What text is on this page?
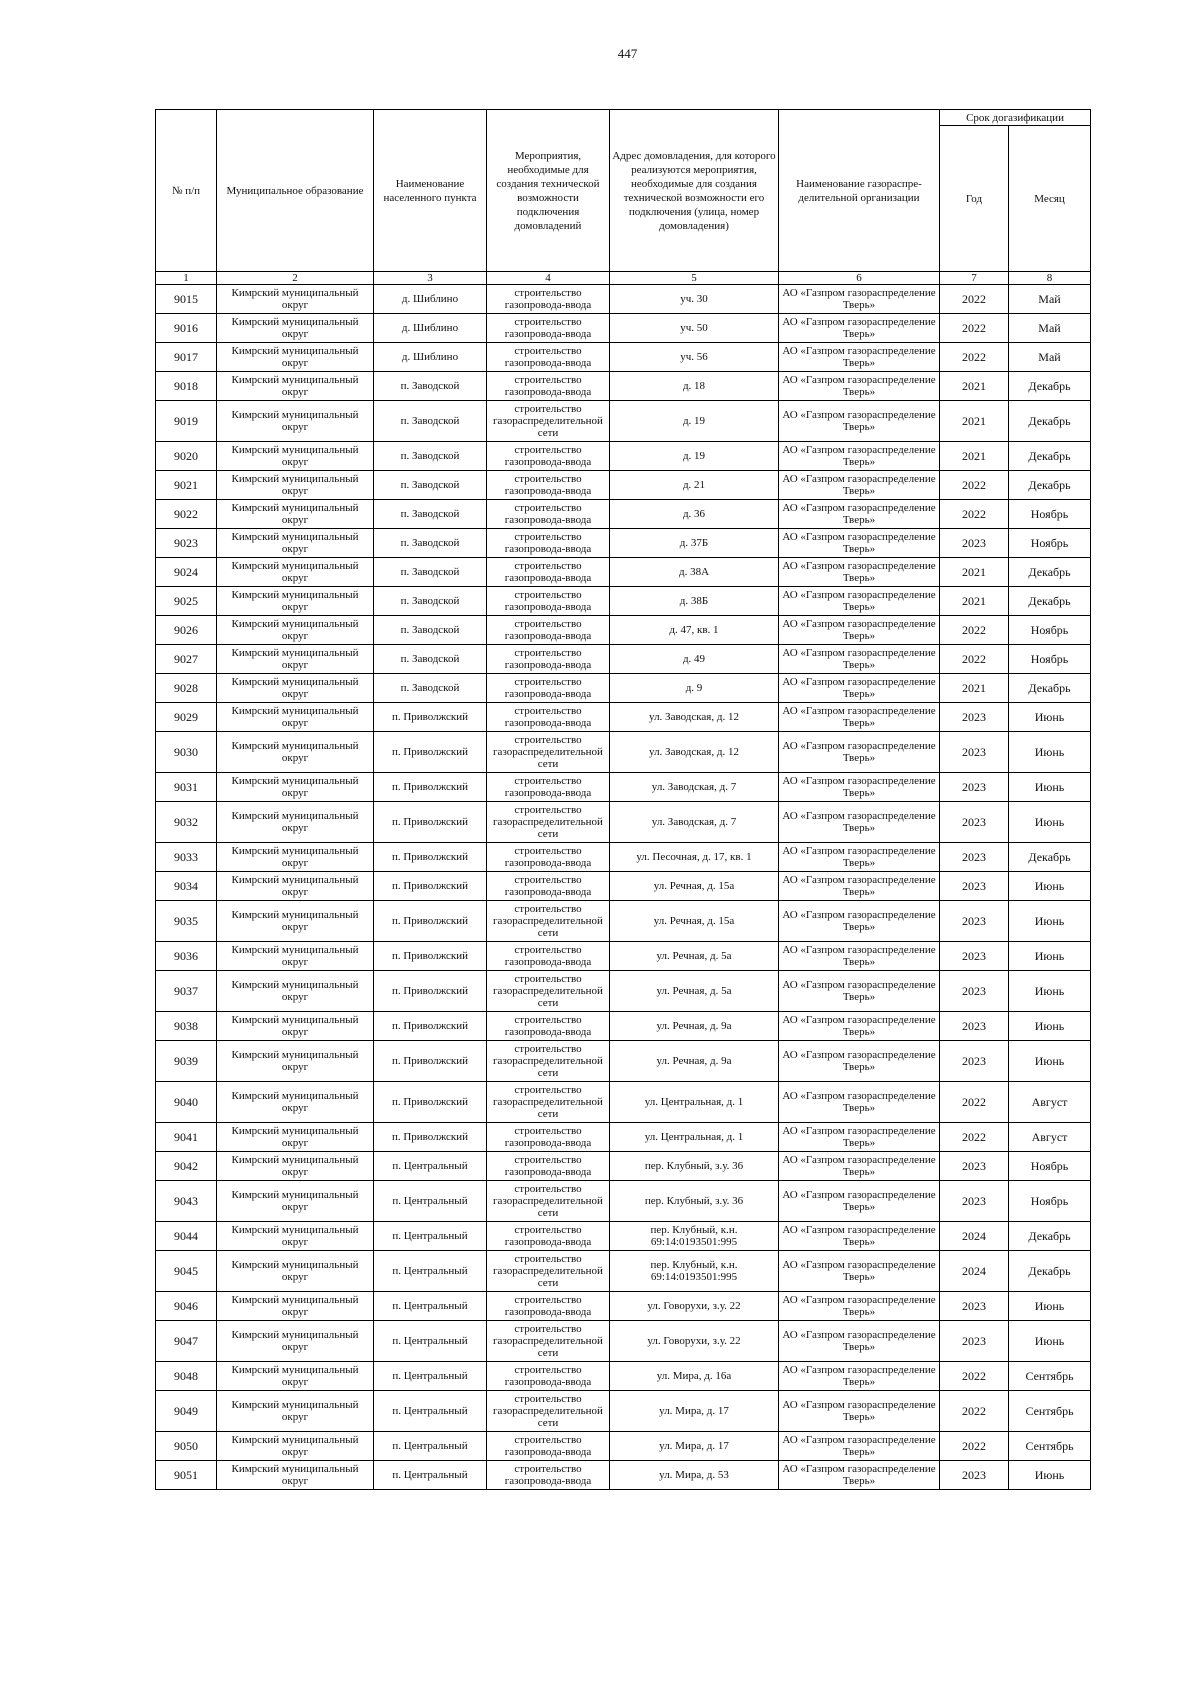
447
№ п/п	Муниципальное образование	Наименование населенного пункта	Мероприятия, необходимые для создания технической возможности подключения домовладений	Адрес домовладения, для которого реализуются мероприятия, необходимые для создания технической возможности его подключения (улица, номер домовладения)	Наименование газораспре-делительной организации	Срок догазификации	
						Год	Месяц
1	2	3	4	5	6	7	8
9015	Кимрский муниципальный округ	д. Шиблино	строительство газопровода-ввода	уч. 30	АО «Газпром газораспределение Тверь»	2022	Май
9016	Кимрский муниципальный округ	д. Шиблино	строительство газопровода-ввода	уч. 50	АО «Газпром газораспределение Тверь»	2022	Май
9017	Кимрский муниципальный округ	д. Шиблино	строительство газопровода-ввода	уч. 56	АО «Газпром газораспределение Тверь»	2022	Май
9018	Кимрский муниципальный округ	п. Заводской	строительство газопровода-ввода	д. 18	АО «Газпром газораспределение Тверь»	2021	Декабрь
9019	Кимрский муниципальный округ	п. Заводской	строительство газораспределительной сети	д. 19	АО «Газпром газораспределение Тверь»	2021	Декабрь
9020	Кимрский муниципальный округ	п. Заводской	строительство газопровода-ввода	д. 19	АО «Газпром газораспределение Тверь»	2021	Декабрь
9021	Кимрский муниципальный округ	п. Заводской	строительство газопровода-ввода	д. 21	АО «Газпром газораспределение Тверь»	2022	Декабрь
9022	Кимрский муниципальный округ	п. Заводской	строительство газопровода-ввода	д. 36	АО «Газпром газораспределение Тверь»	2022	Ноябрь
9023	Кимрский муниципальный округ	п. Заводской	строительство газопровода-ввода	д. 37Б	АО «Газпром газораспределение Тверь»	2023	Ноябрь
9024	Кимрский муниципальный округ	п. Заводской	строительство газопровода-ввода	д. 38А	АО «Газпром газораспределение Тверь»	2021	Декабрь
9025	Кимрский муниципальный округ	п. Заводской	строительство газопровода-ввода	д. 38Б	АО «Газпром газораспределение Тверь»	2021	Декабрь
9026	Кимрский муниципальный округ	п. Заводской	строительство газопровода-ввода	д. 47, кв. 1	АО «Газпром газораспределение Тверь»	2022	Ноябрь
9027	Кимрский муниципальный округ	п. Заводской	строительство газопровода-ввода	д. 49	АО «Газпром газораспределение Тверь»	2022	Ноябрь
9028	Кимрский муниципальный округ	п. Заводской	строительство газопровода-ввода	д. 9	АО «Газпром газораспределение Тверь»	2021	Декабрь
9029	Кимрский муниципальный округ	п. Приволжский	строительство газопровода-ввода	ул. Заводская, д. 12	АО «Газпром газораспределение Тверь»	2023	Июнь
9030	Кимрский муниципальный округ	п. Приволжский	строительство газораспределительной сети	ул. Заводская, д. 12	АО «Газпром газораспределение Тверь»	2023	Июнь
9031	Кимрский муниципальный округ	п. Приволжский	строительство газопровода-ввода	ул. Заводская, д. 7	АО «Газпром газораспределение Тверь»	2023	Июнь
9032	Кимрский муниципальный округ	п. Приволжский	строительство газораспределительной сети	ул. Заводская, д. 7	АО «Газпром газораспределение Тверь»	2023	Июнь
9033	Кимрский муниципальный округ	п. Приволжский	строительство газопровода-ввода	ул. Песочная, д. 17, кв. 1	АО «Газпром газораспределение Тверь»	2023	Декабрь
9034	Кимрский муниципальный округ	п. Приволжский	строительство газопровода-ввода	ул. Речная, д. 15а	АО «Газпром газораспределение Тверь»	2023	Июнь
9035	Кимрский муниципальный округ	п. Приволжский	строительство газораспределительной сети	ул. Речная, д. 15а	АО «Газпром газораспределение Тверь»	2023	Июнь
9036	Кимрский муниципальный округ	п. Приволжский	строительство газопровода-ввода	ул. Речная, д. 5а	АО «Газпром газораспределение Тверь»	2023	Июнь
9037	Кимрский муниципальный округ	п. Приволжский	строительство газораспределительной сети	ул. Речная, д. 5а	АО «Газпром газораспределение Тверь»	2023	Июнь
9038	Кимрский муниципальный округ	п. Приволжский	строительство газопровода-ввода	ул. Речная, д. 9а	АО «Газпром газораспределение Тверь»	2023	Июнь
9039	Кимрский муниципальный округ	п. Приволжский	строительство газораспределительной сети	ул. Речная, д. 9а	АО «Газпром газораспределение Тверь»	2023	Июнь
9040	Кимрский муниципальный округ	п. Приволжский	строительство газораспределительной сети	ул. Центральная, д. 1	АО «Газпром газораспределение Тверь»	2022	Август
9041	Кимрский муниципальный округ	п. Приволжский	строительство газопровода-ввода	ул. Центральная, д. 1	АО «Газпром газораспределение Тверь»	2022	Август
9042	Кимрский муниципальный округ	п. Центральный	строительство газопровода-ввода	пер. Клубный, з.у. 36	АО «Газпром газораспределение Тверь»	2023	Ноябрь
9043	Кимрский муниципальный округ	п. Центральный	строительство газораспределительной сети	пер. Клубный, з.у. 36	АО «Газпром газораспределение Тверь»	2023	Ноябрь
9044	Кимрский муниципальный округ	п. Центральный	строительство газопровода-ввода	пер. Клубный, к.н. 69:14:0193501:995	АО «Газпром газораспределение Тверь»	2024	Декабрь
9045	Кимрский муниципальный округ	п. Центральный	строительство газораспределительной сети	пер. Клубный, к.н. 69:14:0193501:995	АО «Газпром газораспределение Тверь»	2024	Декабрь
9046	Кимрский муниципальный округ	п. Центральный	строительство газопровода-ввода	ул. Говорухи, з.у. 22	АО «Газпром газораспределение Тверь»	2023	Июнь
9047	Кимрский муниципальный округ	п. Центральный	строительство газораспределительной сети	ул. Говорухи, з.у. 22	АО «Газпром газораспределение Тверь»	2023	Июнь
9048	Кимрский муниципальный округ	п. Центральный	строительство газопровода-ввода	ул. Мира, д. 16а	АО «Газпром газораспределение Тверь»	2022	Сентябрь
9049	Кимрский муниципальный округ	п. Центральный	строительство газораспределительной сети	ул. Мира, д. 17	АО «Газпром газораспределение Тверь»	2022	Сентябрь
9050	Кимрский муниципальный округ	п. Центральный	строительство газопровода-ввода	ул. Мира, д. 17	АО «Газпром газораспределение Тверь»	2022	Сентябрь
9051	Кимрский муниципальный округ	п. Центральный	строительство газопровода-ввода	ул. Мира, д. 53	АО «Газпром газораспределение Тверь»	2023	Июнь
